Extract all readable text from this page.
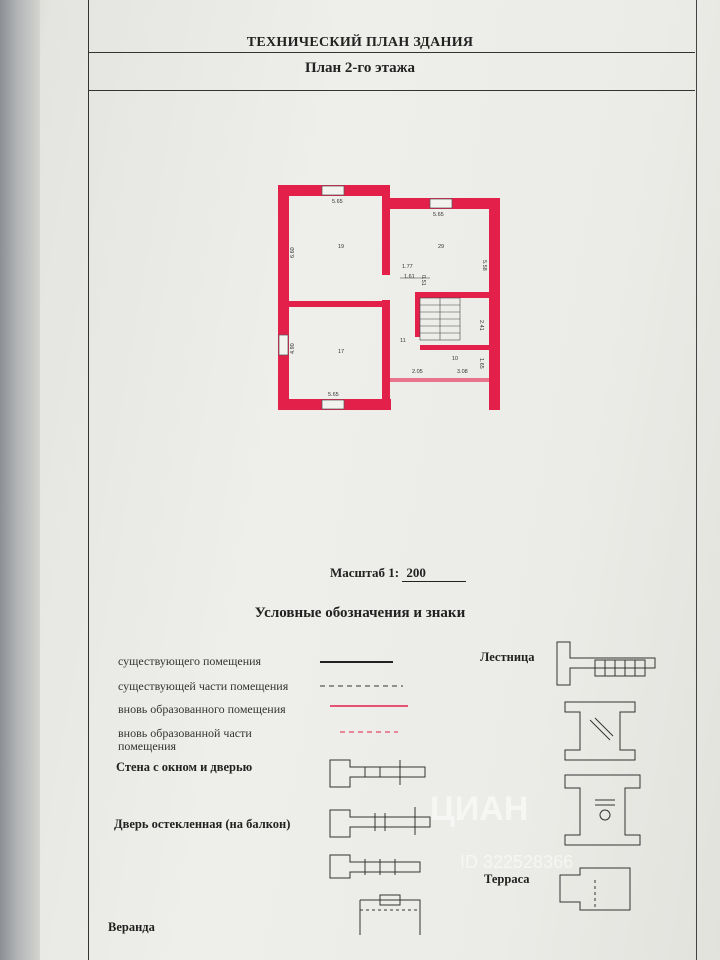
ТЕХНИЧЕСКИЙ ПЛАН ЗДАНИЯ
План 2-го этажа
5.65
5.65
6.60
4.90
5.58
2.41
1.65
5.65
1.77
1.61 0.51
2.05	3.08
19	29
17
11
10
Масштаб 1: 200
Условные обозначения и знаки
существующего помещения
существующей части помещения
вновь образованного помещения
вновь образованной части помещения
Стена с окном и дверью
Дверь остекленная (на балкон)
Веранда
Лестница
Терраса
ЦИАН
ID 322528366
